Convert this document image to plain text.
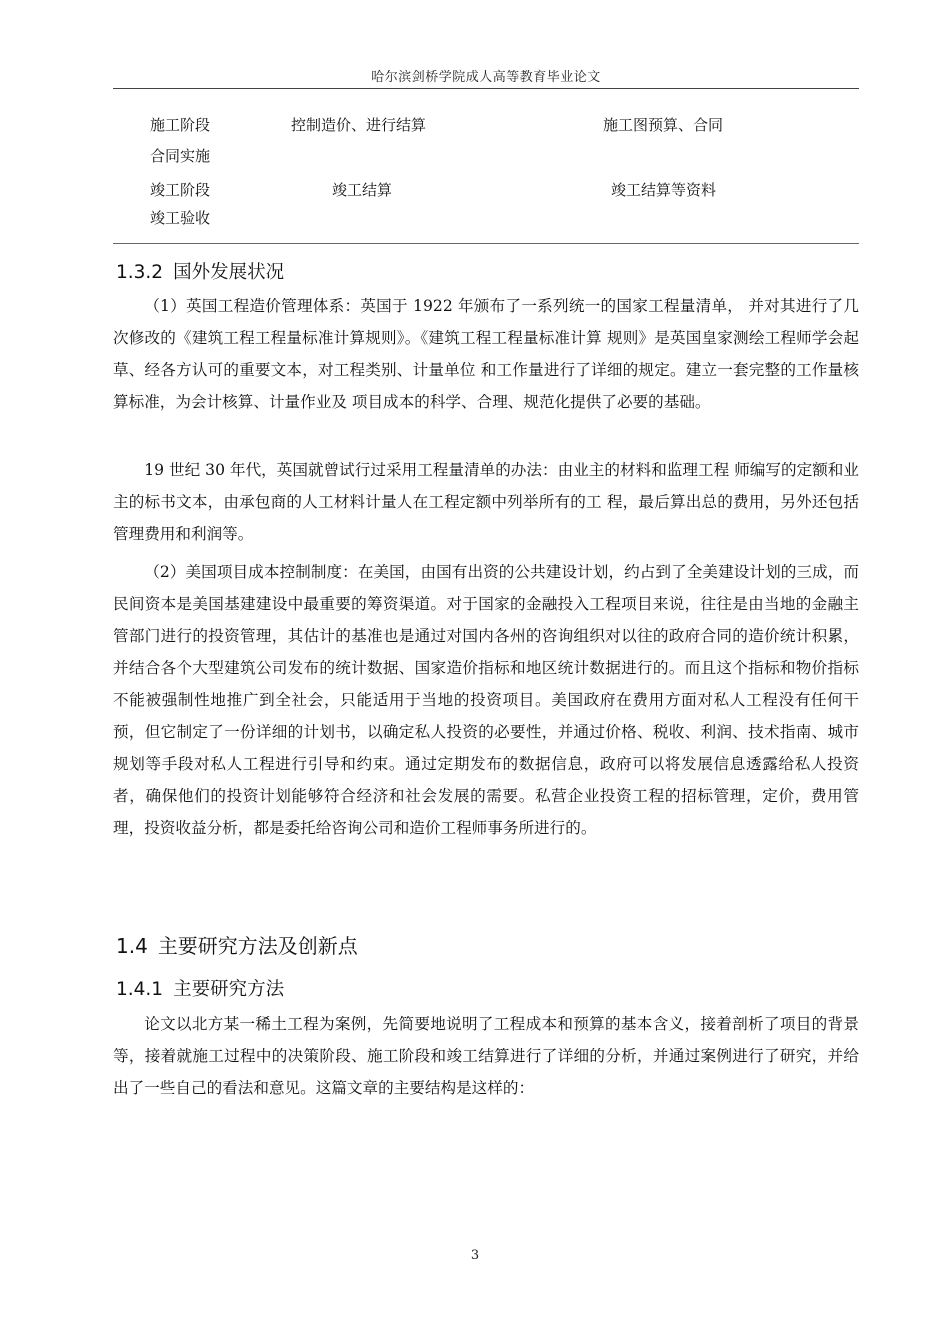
哈尔滨剑桥学院成人高等教育毕业论文
施工阶段	控制造价、进行结算	施工图预算、合同
合同实施
竣工阶段	竣工结算	竣工结算等资料
竣工验收
1.3.2 国外发展状况

（1）英国工程造价管理体系：英国于 1922 年颁布了一系列统一的国家工程量清单， 并对其进行了几次修改的《建筑工程工程量标准计算规则》。《建筑工程工程量标准计算 规则》是英国皇家测绘工程师学会起草、经各方认可的重要文本，对工程类别、计量单位 和工作量进行了详细的规定。建立一套完整的工作量核算标准，为会计核算、计量作业及 项目成本的科学、合理、规范化提供了必要的基础。

19 世纪 30 年代，英国就曾试行过采用工程量清单的办法：由业主的材料和监理工程 师编写的定额和业主的标书文本，由承包商的人工材料计量人在工程定额中列举所有的工 程，最后算出总的费用，另外还包括管理费用和利润等。

（2）美国项目成本控制制度：在美国，由国有出资的公共建设计划，约占到了全美建设计划的三成，而民间资本是美国基建建设中最重要的筹资渠道。对于国家的金融投入工程项目来说，往往是由当地的金融主管部门进行的投资管理，其估计的基准也是通过对国内各州的咨询组织对以往的政府合同的造价统计积累，并结合各个大型建筑公司发布的统计数据、国家造价指标和地区统计数据进行的。而且这个指标和物价指标不能被强制性地推广到全社会，只能适用于当地的投资项目。美国政府在费用方面对私人工程没有任何干预，但它制定了一份详细的计划书，以确定私人投资的必要性，并通过价格、税收、利润、技术指南、城市规划等手段对私人工程进行引导和约束。通过定期发布的数据信息，政府可以将发展信息透露给私人投资者，确保他们的投资计划能够符合经济和社会发展的需要。私营企业投资工程的招标管理，定价，费用管理，投资收益分析，都是委托给咨询公司和造价工程师事务所进行的。

1.4 主要研究方法及创新点
1.4.1 主要研究方法

论文以北方某一稀土工程为案例，先简要地说明了工程成本和预算的基本含义，接着剖析了项目的背景等，接着就施工过程中的决策阶段、施工阶段和竣工结算进行了详细的分析，并通过案例进行了研究，并给出了一些自己的看法和意见。这篇文章的主要结构是这样的：

3
